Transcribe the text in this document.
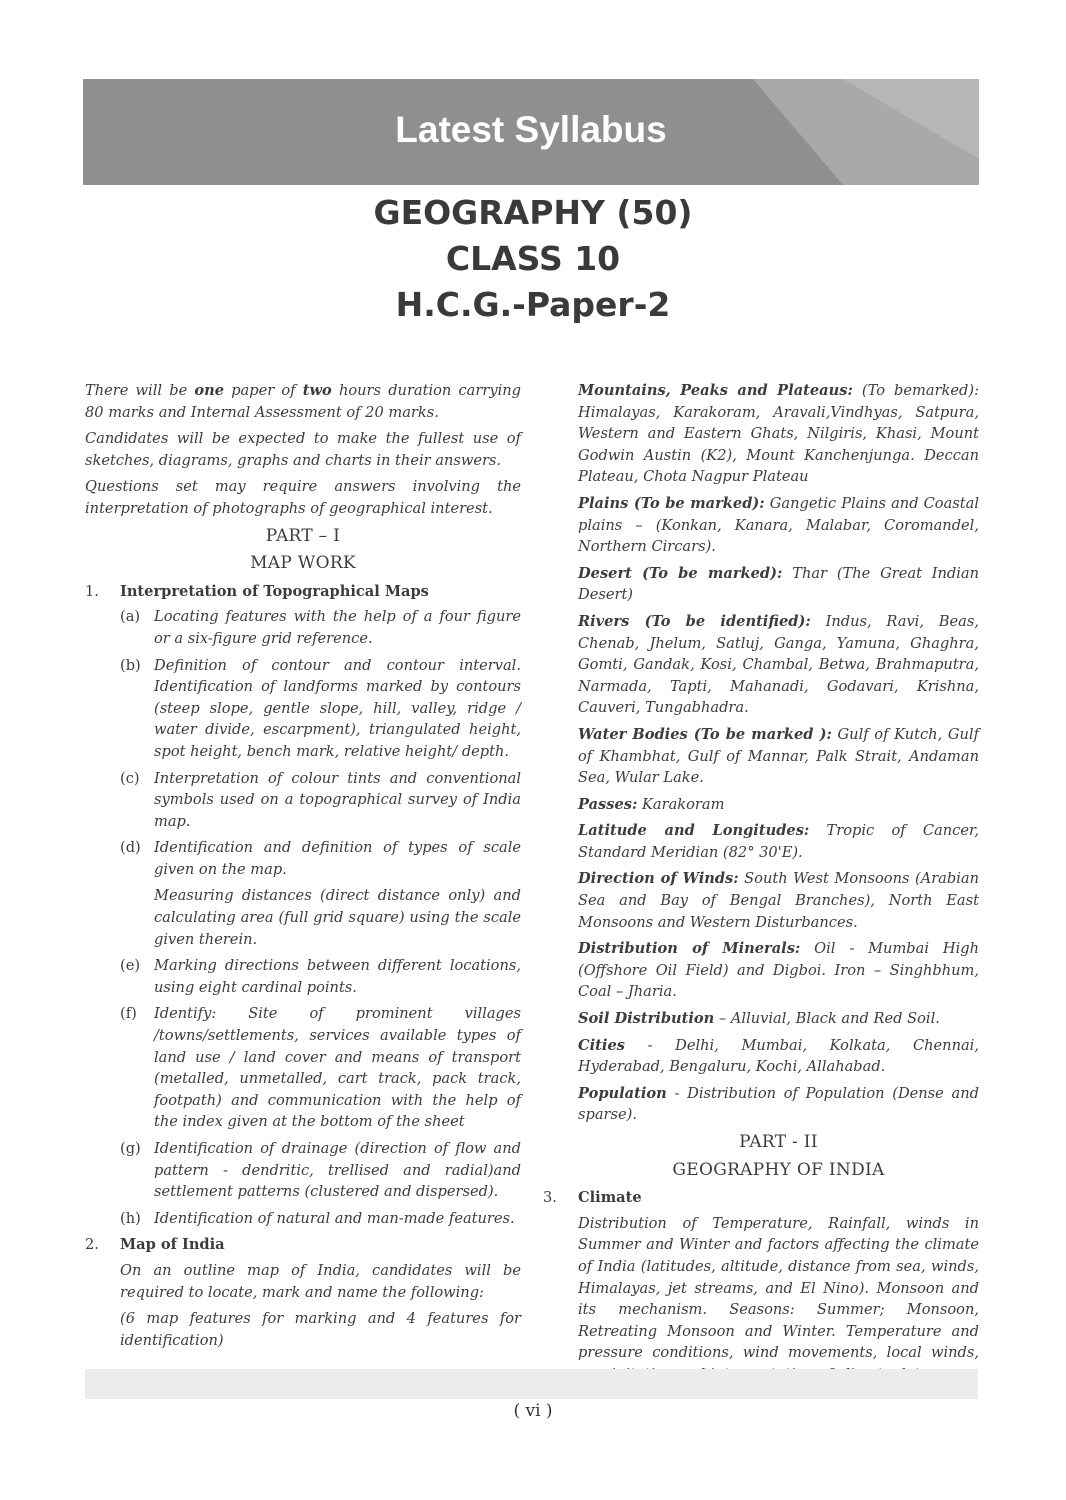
Latest Syllabus
GEOGRAPHY (50)
CLASS 10
H.C.G.-Paper-2

There will be one paper of two hours duration carrying 80 marks and Internal Assessment of 20 marks.

Candidates will be expected to make the fullest use of sketches, diagrams, graphs and charts in their answers.

Questions set may require answers involving the interpretation of photographs of geographical interest.

PART – I
MAP WORK
1.	Interpretation of Topographical Maps
(a) Locating features with the help of a four figure or a six-figure grid reference.
(b) Definition of contour and contour interval. Identification of landforms marked by contours (steep slope, gentle slope, hill, valley, ridge / water divide, escarpment), triangulated height, spot height, bench mark, relative height/ depth.
(c) Interpretation of colour tints and conventional symbols used on a topographical survey of India map.
(d) Identification and definition of types of scale given on the map.
Measuring distances (direct distance only) and calculating area (full grid square) using the scale given therein.
(e) Marking directions between different locations, using eight cardinal points.
(f)	Identify: Site of prominent villages /towns/settlements, services available types of land use / land cover and means of transport (metalled, unmetalled, cart track, pack track, footpath) and communication with the help of the index given at the bottom of the sheet
(g) Identification of drainage (direction of flow and pattern - dendritic, trellised and radial)and settlement patterns (clustered and dispersed).
(h) Identification of natural and man-made features.
2.	Map of India

On an outline map of India, candidates will be required to locate, mark and name the following:

(6 map features for marking and 4 features for identification)

Mountains, Peaks and Plateaus: (To bemarked): Himalayas, Karakoram, Aravali,Vindhyas, Satpura, Western and Eastern Ghats, Nilgiris, Khasi, Mount Godwin Austin (K2), Mount Kanchenjunga. Deccan Plateau, Chota Nagpur Plateau

Plains (To be marked): Gangetic Plains and Coastal plains – (Konkan, Kanara, Malabar, Coromandel, Northern Circars).

Desert (To be marked): Thar (The Great Indian Desert)

Rivers (To be identified): Indus, Ravi, Beas, Chenab, Jhelum, Satluj, Ganga, Yamuna, Ghaghra, Gomti, Gandak, Kosi, Chambal, Betwa, Brahmaputra, Narmada, Tapti, Mahanadi, Godavari, Krishna, Cauveri, Tungabhadra.

Water Bodies (To be marked ): Gulf of Kutch, Gulf of Khambhat, Gulf of Mannar, Palk Strait, Andaman Sea, Wular Lake.

Passes: Karakoram

Latitude and Longitudes: Tropic of Cancer, Standard Meridian (82° 30'E).

Direction of Winds: South West Monsoons (Arabian Sea and Bay of Bengal Branches), North East Monsoons and Western Disturbances.

Distribution of Minerals: Oil - Mumbai High (Offshore Oil Field) and Digboi. Iron – Singhbhum, Coal – Jharia.

Soil Distribution – Alluvial, Black and Red Soil.

Cities - Delhi, Mumbai, Kolkata, Chennai, Hyderabad, Bengaluru, Kochi, Allahabad.

Population - Distribution of Population (Dense and sparse).

PART - II
GEOGRAPHY OF INDIA
3.	Climate

Distribution of Temperature, Rainfall, winds in Summer and Winter and factors affecting the climate of India (latitudes, altitude, distance from sea, winds, Himalayas, jet streams, and El Nino). Monsoon and its mechanism. Seasons: Summer; Monsoon, Retreating Monsoon and Winter. Temperature and pressure conditions, wind movements, local winds,

( vi )
